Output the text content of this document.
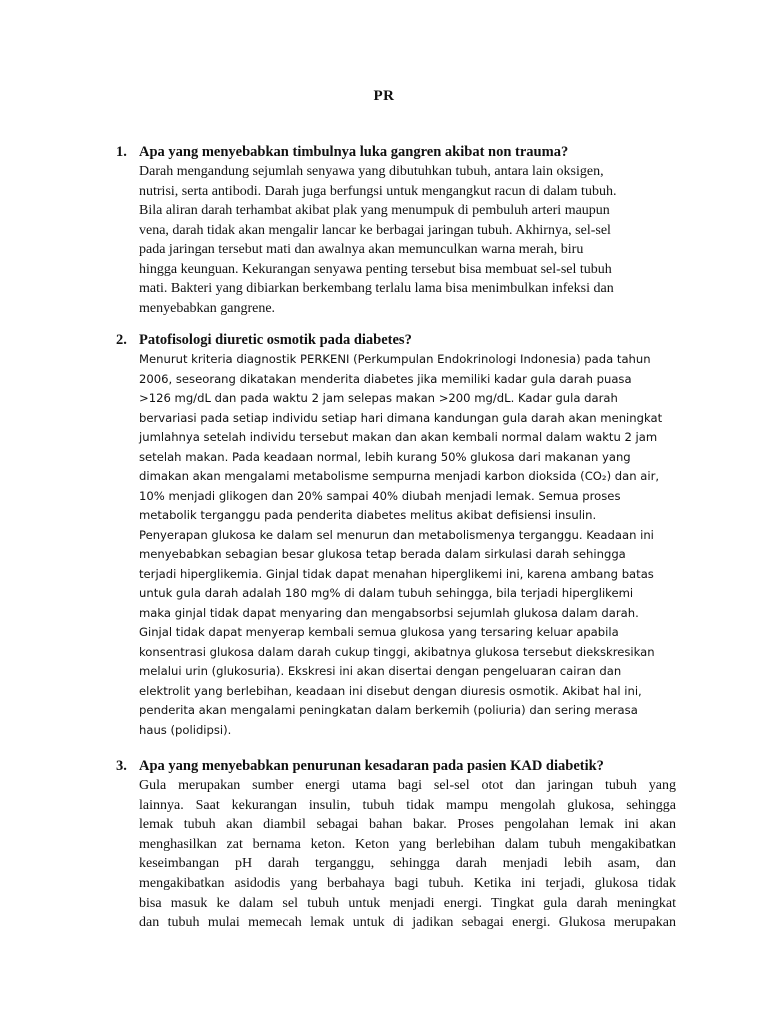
PR
1. Apa yang menyebabkan timbulnya luka gangren akibat non trauma?
Darah mengandung sejumlah senyawa yang dibutuhkan tubuh, antara lain oksigen,
nutrisi, serta antibodi. Darah juga berfungsi untuk mengangkut racun di dalam tubuh.
Bila aliran darah terhambat akibat plak yang menumpuk di pembuluh arteri maupun
vena, darah tidak akan mengalir lancar ke berbagai jaringan tubuh. Akhirnya, sel-sel
pada jaringan tersebut mati dan awalnya akan memunculkan warna merah, biru
hingga keunguan. Kekurangan senyawa penting tersebut bisa membuat sel-sel tubuh
mati. Bakteri yang dibiarkan berkembang terlalu lama bisa menimbulkan infeksi dan
menyebabkan gangrene.
2. Patofisologi diuretic osmotik pada diabetes?
Menurut kriteria diagnostik PERKENI (Perkumpulan Endokrinologi Indonesia) pada tahun
2006, seseorang dikatakan menderita diabetes jika memiliki kadar gula darah puasa
>126 mg/dL dan pada waktu 2 jam selepas makan >200 mg/dL. Kadar gula darah
bervariasi pada setiap individu setiap hari dimana kandungan gula darah akan meningkat
jumlahnya setelah individu tersebut makan dan akan kembali normal dalam waktu 2 jam
setelah makan. Pada keadaan normal, lebih kurang 50% glukosa dari makanan yang
dimakan akan mengalami metabolisme sempurna menjadi karbon dioksida (CO₂) dan air,
10% menjadi glikogen dan 20% sampai 40% diubah menjadi lemak. Semua proses
metabolik terganggu pada penderita diabetes melitus akibat defisiensi insulin.
Penyerapan glukosa ke dalam sel menurun dan metabolismenya terganggu. Keadaan ini
menyebabkan sebagian besar glukosa tetap berada dalam sirkulasi darah sehingga
terjadi hiperglikemia. Ginjal tidak dapat menahan hiperglikemi ini, karena ambang batas
untuk gula darah adalah 180 mg% di dalam tubuh sehingga, bila terjadi hiperglikemi
maka ginjal tidak dapat menyaring dan mengabsorbsi sejumlah glukosa dalam darah.
Ginjal tidak dapat menyerap kembali semua glukosa yang tersaring keluar apabila
konsentrasi glukosa dalam darah cukup tinggi, akibatnya glukosa tersebut diekskresikan
melalui urin (glukosuria). Ekskresi ini akan disertai dengan pengeluaran cairan dan
elektrolit yang berlebihan, keadaan ini disebut dengan diuresis osmotik. Akibat hal ini,
penderita akan mengalami peningkatan dalam berkemih (poliuria) dan sering merasa
haus (polidipsi).
3. Apa yang menyebabkan penurunan kesadaran pada pasien KAD diabetik?
Gula merupakan sumber energi utama bagi sel-sel otot dan jaringan tubuh yang
lainnya. Saat kekurangan insulin, tubuh tidak mampu mengolah glukosa, sehingga
lemak tubuh akan diambil sebagai bahan bakar. Proses pengolahan lemak ini akan
menghasilkan zat bernama keton. Keton yang berlebihan dalam tubuh mengakibatkan
keseimbangan pH darah terganggu, sehingga darah menjadi lebih asam, dan
mengakibatkan asidodis yang berbahaya bagi tubuh. Ketika ini terjadi, glukosa tidak
bisa masuk ke dalam sel tubuh untuk menjadi energi. Tingkat gula darah meningkat
dan tubuh mulai memecah lemak untuk di jadikan sebagai energi. Glukosa merupakan
